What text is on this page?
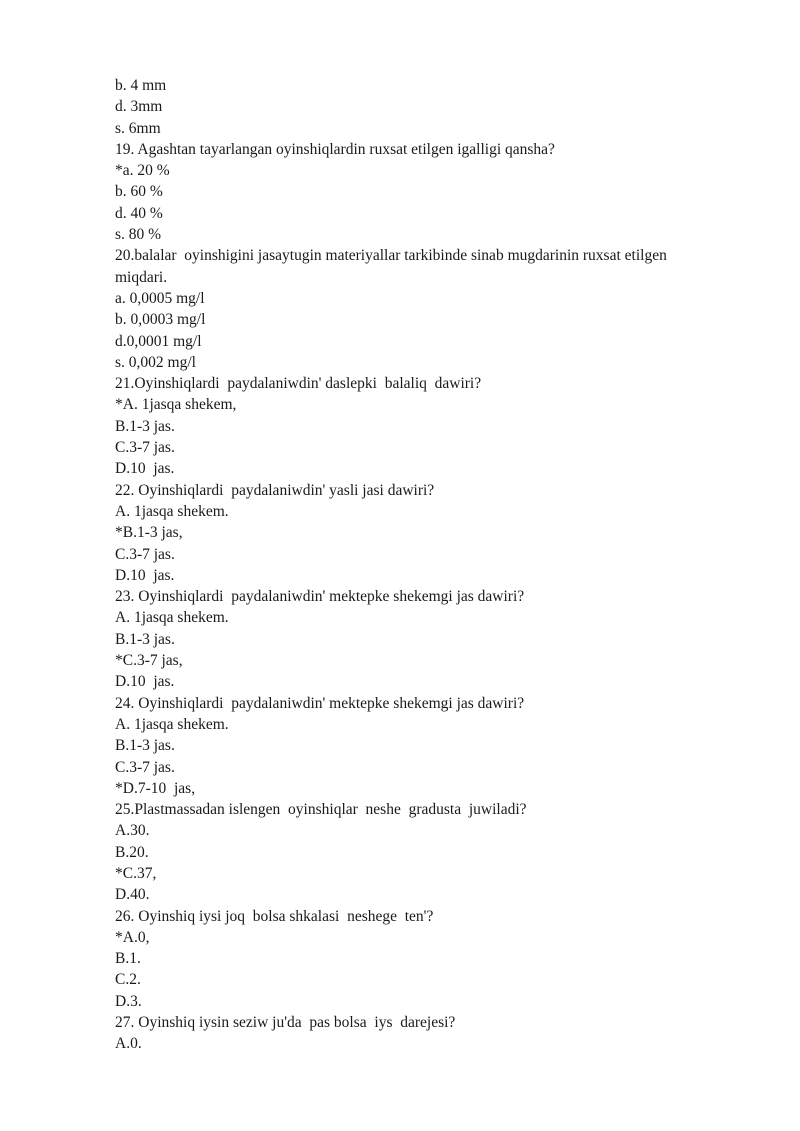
b. 4 mm
d. 3mm
s. 6mm
19. Agashtan tayarlangan oyinshiqlardin ruxsat etilgen igalligi qansha?
*a. 20 %
b. 60 %
d. 40 %
s. 80 %
20.balalar  oyinshigini jasaytugin materiyallar tarkibinde sinab mugdarinin ruxsat etilgen
miqdari.
a. 0,0005 mg/l
b. 0,0003 mg/l
d.0,0001 mg/l
s. 0,002 mg/l
21.Oyinshiqlardi  paydalaniwdin' daslepki  balaliq  dawiri?
*A. 1jasqa shekem,
B.1-3 jas.
C.3-7 jas.
D.10  jas.
22. Oyinshiqlardi  paydalaniwdin' yasli jasi dawiri?
A. 1jasqa shekem.
*B.1-3 jas,
C.3-7 jas.
D.10  jas.
23. Oyinshiqlardi  paydalaniwdin' mektepke shekemgi jas dawiri?
A. 1jasqa shekem.
B.1-3 jas.
*C.3-7 jas,
D.10  jas.
24. Oyinshiqlardi  paydalaniwdin' mektepke shekemgi jas dawiri?
A. 1jasqa shekem.
B.1-3 jas.
C.3-7 jas.
*D.7-10  jas,
25.Plastmassadan islengen  oyinshiqlar  neshe  gradusta  juwiladi?
A.30.
B.20.
*C.37,
D.40.
26. Oyinshiq iysi joq  bolsa shkalasi  neshege  ten'?
*A.0,
B.1.
C.2.
D.3.
27. Oyinshiq iysin seziw ju'da  pas bolsa  iys  darejesi?
A.0.
